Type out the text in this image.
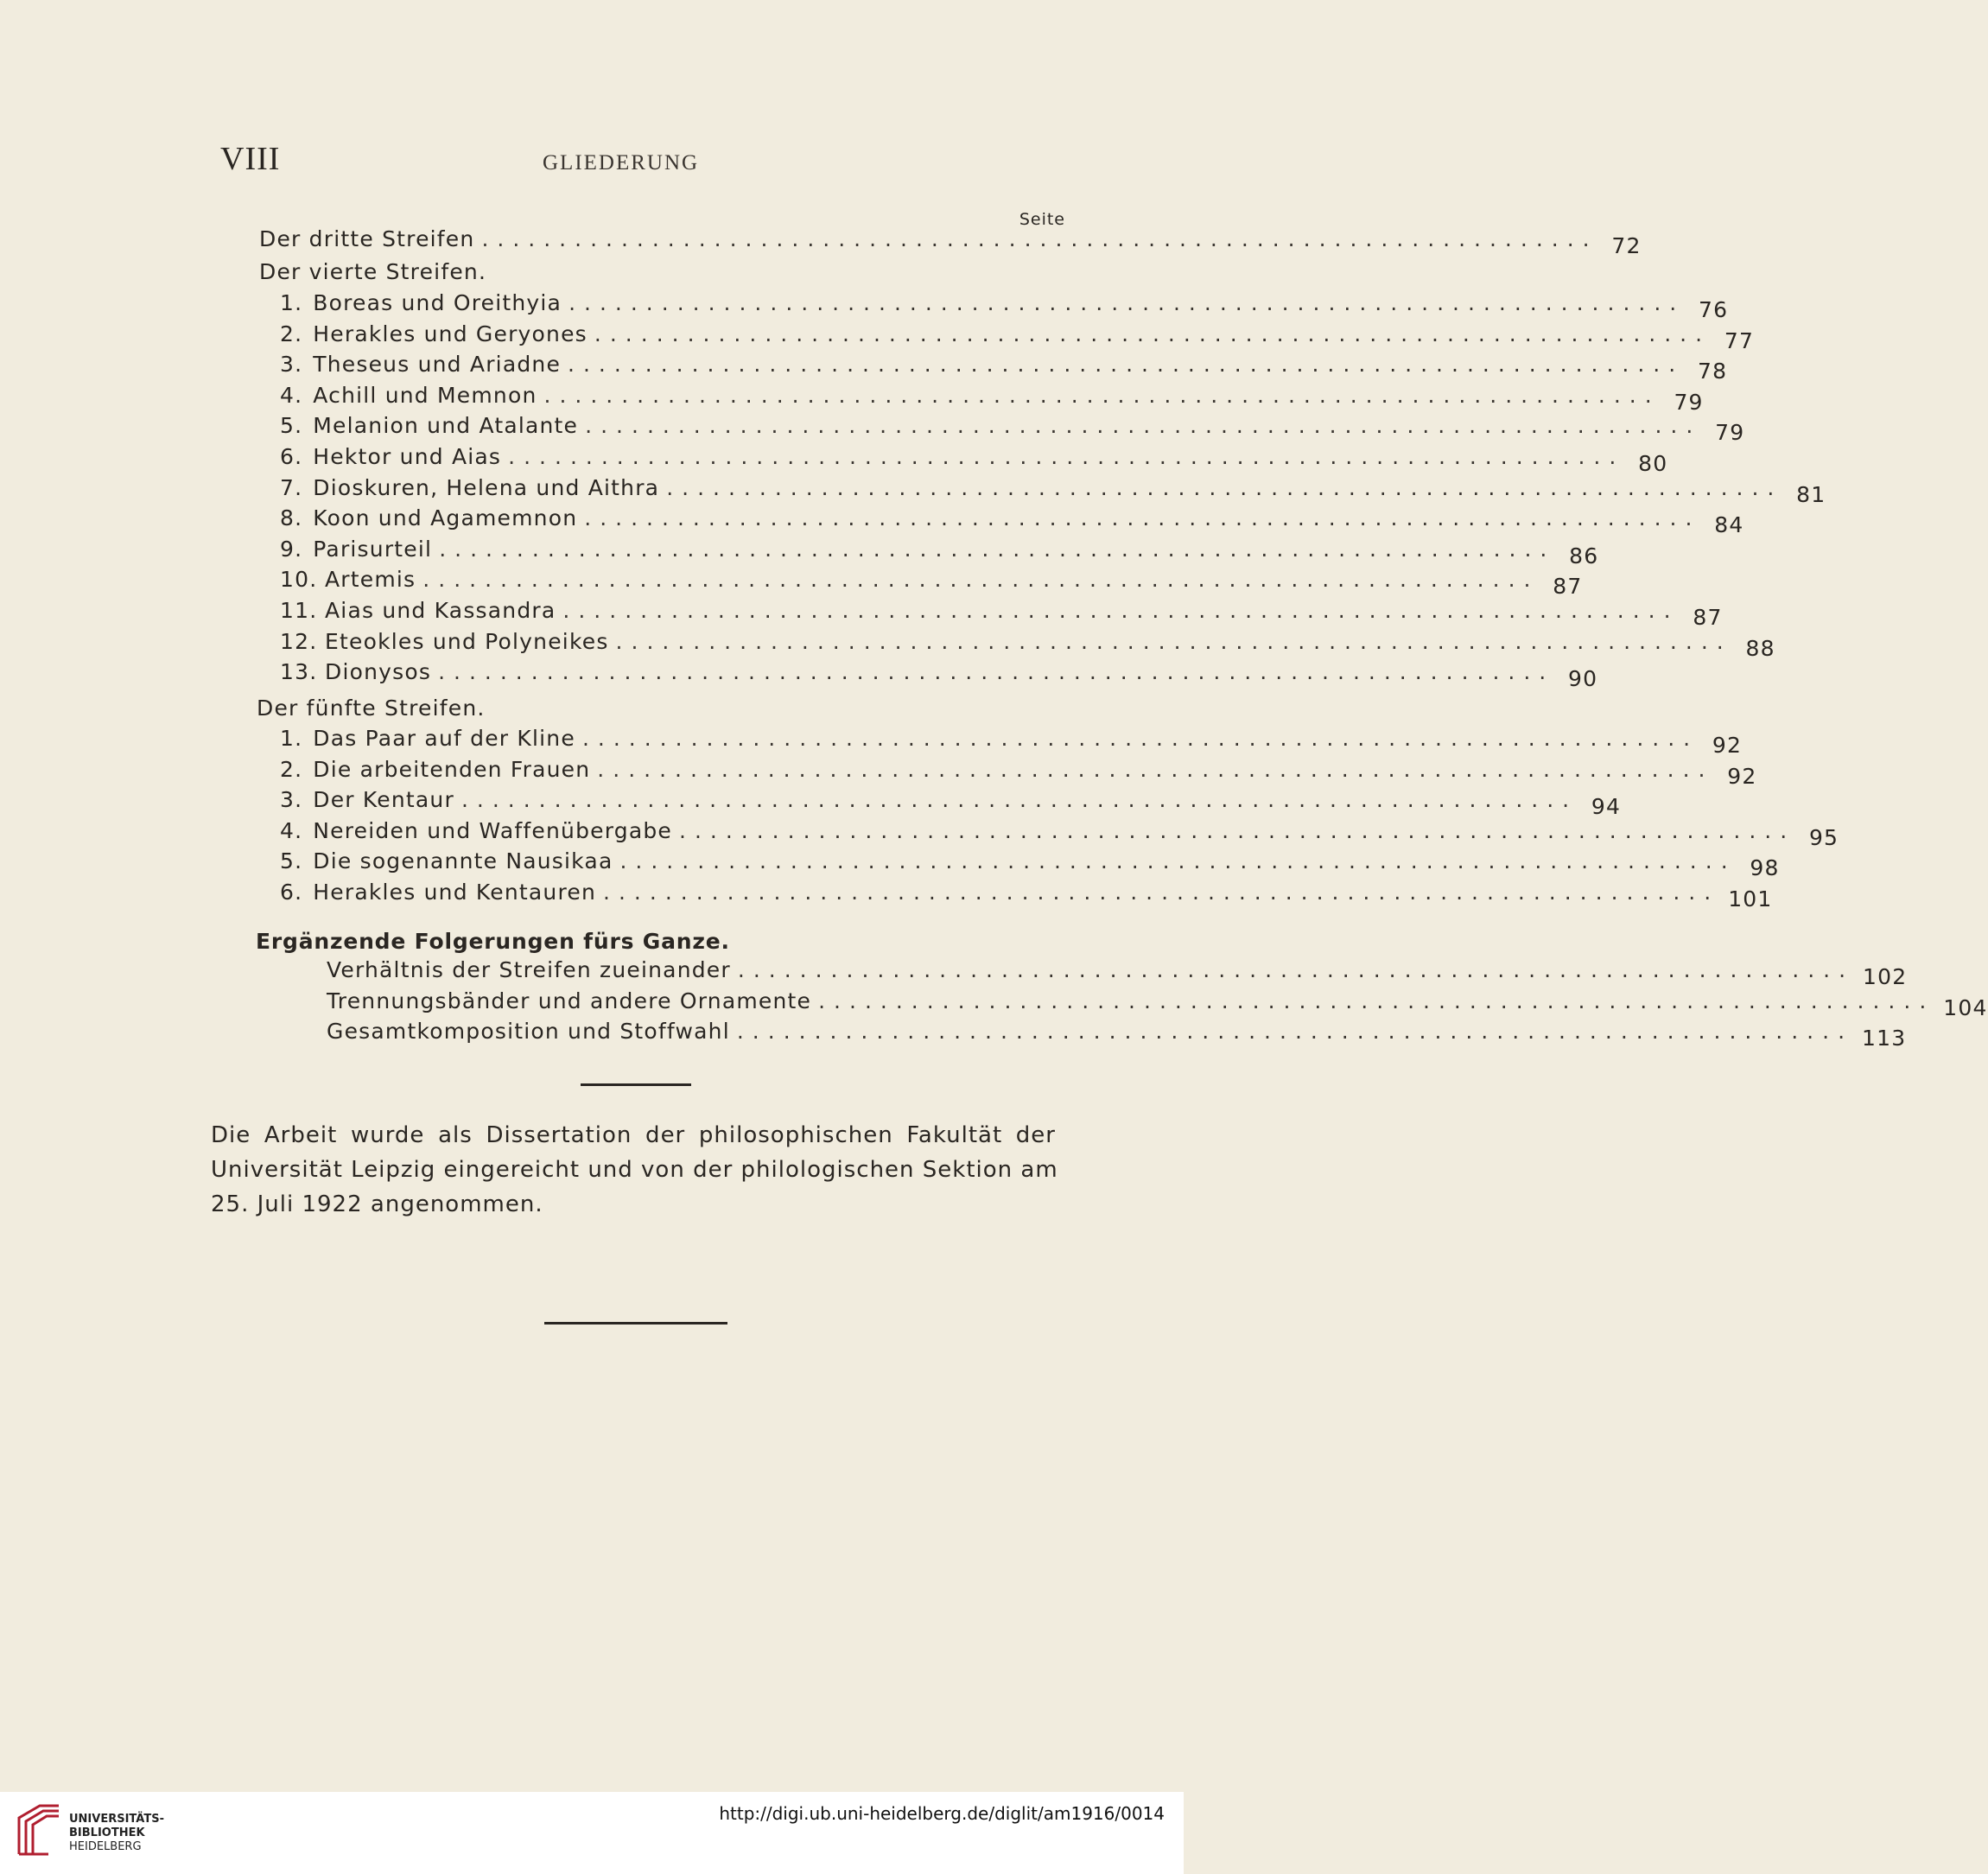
VIII	GLIEDERUNG
Seite
Der dritte Streifen ........................................................................ 72
Der vierte Streifen.
1. Boreas und Oreithyia ........................................................................ 76
2. Herakles und Geryones ........................................................................ 77
3. Theseus und Ariadne ........................................................................ 78
4. Achill und Memnon ........................................................................ 79
5. Melanion und Atalante ........................................................................ 79
6. Hektor und Aias ........................................................................ 80
7. Dioskuren, Helena und Aithra ........................................................................ 81
8. Koon und Agamemnon ........................................................................ 84
9. Parisurteil ........................................................................ 86
10. Artemis ........................................................................ 87
11. Aias und Kassandra ........................................................................ 87
12. Eteokles und Polyneikes ........................................................................ 88
13. Dionysos ........................................................................ 90
Der fünfte Streifen.
1. Das Paar auf der Kline ........................................................................ 92
2. Die arbeitenden Frauen ........................................................................ 92
3. Der Kentaur ........................................................................ 94
4. Nereiden und Waffenübergabe ........................................................................ 95
5. Die sogenannte Nausikaa ........................................................................ 98
6. Herakles und Kentauren ........................................................................ 101
Ergänzende Folgerungen fürs Ganze.
Verhältnis der Streifen zueinander ........................................................................ 102
Trennungsbänder und andere Ornamente ........................................................................ 104
Gesamtkomposition und Stoffwahl ........................................................................ 113
Die Arbeit wurde als Dissertation der philosophischen Fakultät der
Universität Leipzig eingereicht und von der philologischen Sektion am
25. Juli 1922 angenommen.
UNIVERSITÄTS-
BIBLIOTHEK
HEIDELBERG
http://digi.ub.uni-heidelberg.de/diglit/am1916/0014
